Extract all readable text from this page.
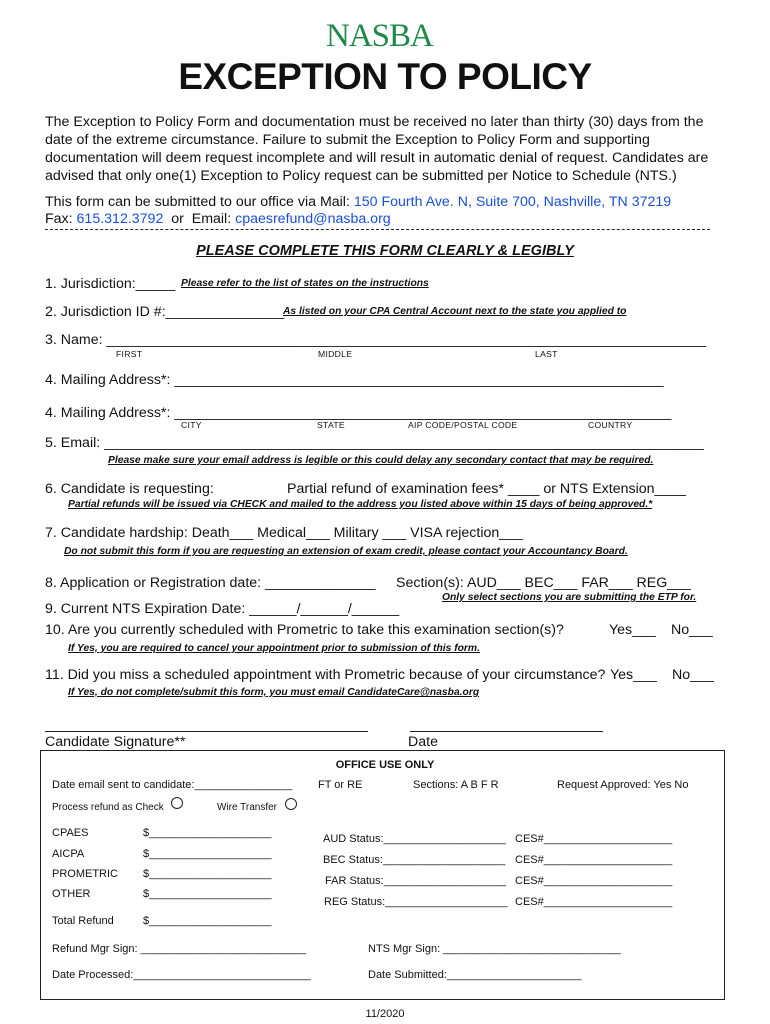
NASBA
EXCEPTION TO POLICY
The Exception to Policy Form and documentation must be received no later than thirty (30) days from the date of the extreme circumstance. Failure to submit the Exception to Policy Form and supporting documentation will deem request incomplete and will result in automatic denial of request. Candidates are advised that only one(1) Exception to Policy request can be submitted per Notice to Schedule (NTS.)
This form can be submitted to our office via Mail: 150 Fourth Ave. N, Suite 700, Nashville, TN 37219
Fax: 615.312.3792  or  Email: cpaesrefund@nasba.org
PLEASE COMPLETE THIS FORM CLEARLY & LEGIBLY
1. Jurisdiction:_____ Please refer to the list of states on the instructions
2. Jurisdiction ID #:_______________ As listed on your CPA Central Account next to the state you applied to
3. Name: ____________________________________________________________________________
FIRST	MIDDLE	LAST
4. Mailing Address*: ______________________________________________________________
4. Mailing Address*: _______________________________________________________________
CITY	STATE	AIP CODE/POSTAL CODE	COUNTRY
5. Email: ____________________________________________________________________________
Please make sure your email address is legible or this could delay any secondary contact that may be required.
6. Candidate is requesting:	Partial refund of examination fees* ____ or NTS Extension____
Partial refunds will be issued via CHECK and mailed to the address you listed above within 15 days of being approved.*
7. Candidate hardship: Death___ Medical___ Military ___ VISA rejection___
Do not submit this form if you are requesting an extension of exam credit, please contact your Accountancy Board.
8. Application or Registration date: ______________ Section(s): AUD___ BEC___ FAR___ REG___
Only select sections you are submitting the ETP for.
9. Current NTS Expiration Date: ______/______/______
10. Are you currently scheduled with Prometric to take this examination section(s)?	Yes___ No___
If Yes, you are required to cancel your appointment prior to submission of this form.
11. Did you miss a scheduled appointment with Prometric because of your circumstance? Yes___ No___
If Yes, do not complete/submit this form, you must email CandidateCare@nasba.org
Candidate Signature**	Date
OFFICE USE ONLY
Date email sent to candidate:________________ FT or RE	Sections: A B F R	Request Approved: Yes No
Process refund as Check	Wire Transfer
CPAES	$____________________
AICPA	$____________________
PROMETRIC $____________________
OTHER	$____________________
AUD Status:____________________ CES#_____________________
BEC Status:____________________ CES#_____________________
FAR Status:____________________ CES#_____________________
REG Status:____________________ CES#_____________________
Total Refund	$____________________
Refund Mgr Sign: ___________________________	NTS Mgr Sign: _____________________________
Date Processed:_____________________________	Date Submitted:______________________
11/2020
